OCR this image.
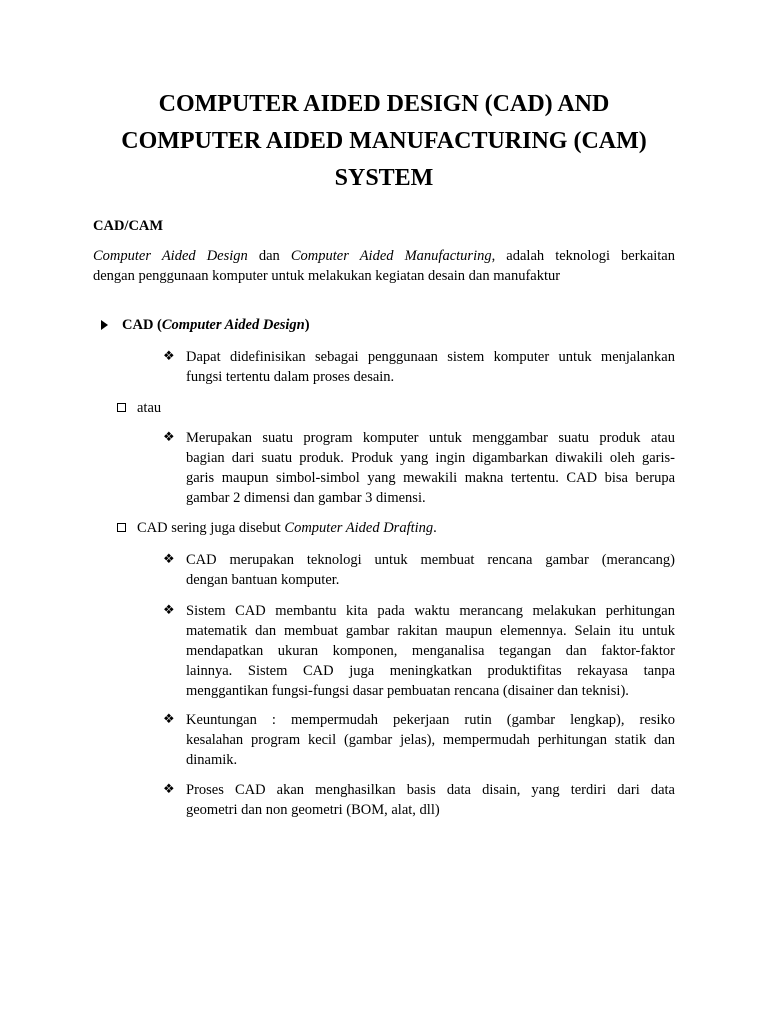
COMPUTER AIDED DESIGN (CAD) AND
COMPUTER AIDED MANUFACTURING (CAM)
SYSTEM
CAD/CAM
Computer Aided Design dan Computer Aided Manufacturing, adalah teknologi berkaitan
dengan penggunaan komputer untuk melakukan kegiatan desain dan manufaktur
CAD (Computer Aided Design)
❖ Dapat didefinisikan sebagai penggunaan sistem komputer untuk menjalankan
fungsi tertentu dalam proses desain.
atau
❖ Merupakan suatu program komputer untuk menggambar suatu produk atau
bagian dari suatu produk. Produk yang ingin digambarkan diwakili oleh garis-
garis maupun simbol-simbol yang mewakili makna tertentu. CAD bisa berupa
gambar 2 dimensi dan gambar 3 dimensi.
CAD sering juga disebut Computer Aided Drafting.
❖ CAD merupakan teknologi untuk membuat rencana gambar (merancang)
dengan bantuan komputer.
❖ Sistem CAD membantu kita pada waktu merancang melakukan perhitungan
matematik dan membuat gambar rakitan maupun elemennya. Selain itu untuk
mendapatkan ukuran komponen, menganalisa tegangan dan faktor-faktor
lainnya. Sistem CAD juga meningkatkan produktifitas rekayasa tanpa
menggantikan fungsi-fungsi dasar pembuatan rencana (disainer dan teknisi).
❖ Keuntungan : mempermudah pekerjaan rutin (gambar lengkap), resiko
kesalahan program kecil (gambar jelas), mempermudah perhitungan statik dan
dinamik.
❖ Proses CAD akan menghasilkan basis data disain, yang terdiri dari data
geometri dan non geometri (BOM, alat, dll)
